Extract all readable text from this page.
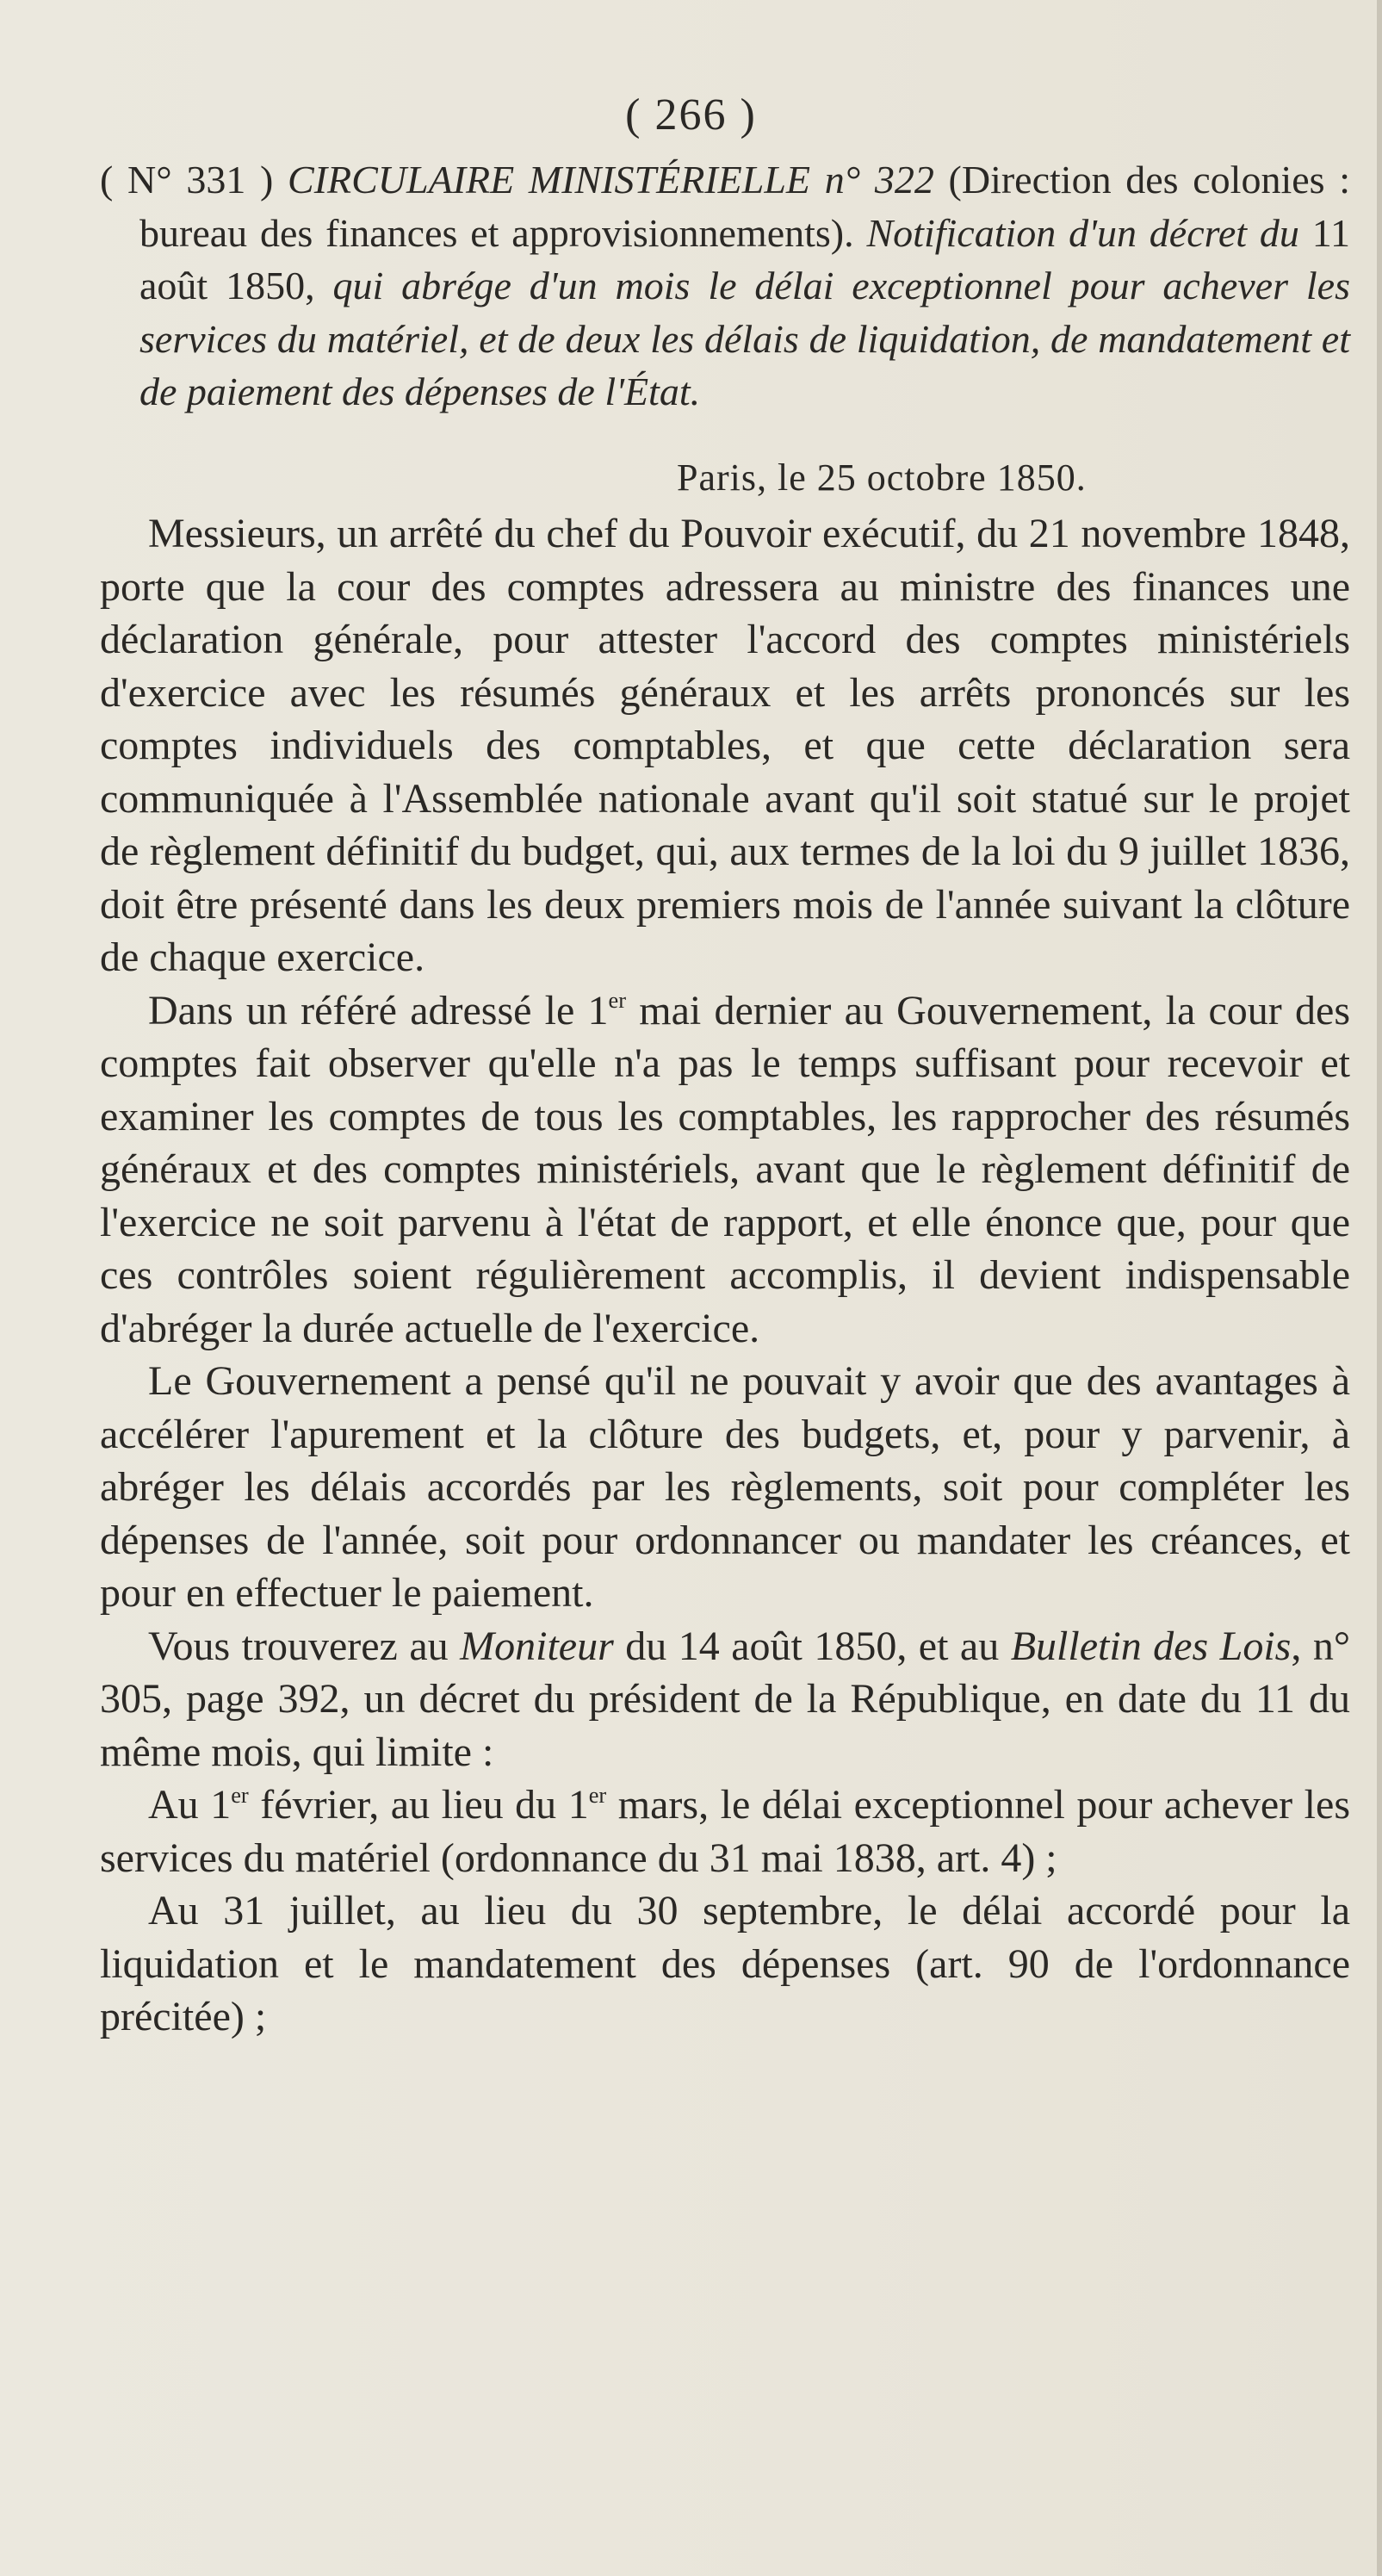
( 266 )

( N° 331 ) CIRCULAIRE MINISTÉRIELLE n° 322 (Direction des colonies : bureau des finances et approvisionnements). Notification d'un décret du 11 août 1850, qui abrége d'un mois le délai exceptionnel pour achever les services du matériel, et de deux les délais de liquidation, de mandatement et de paiement des dépenses de l'État.

Paris, le 25 octobre 1850.

Messieurs, un arrêté du chef du Pouvoir exécutif, du 21 novembre 1848, porte que la cour des comptes adressera au ministre des finances une déclaration générale, pour attester l'accord des comptes ministériels d'exercice avec les résumés généraux et les arrêts prononcés sur les comptes individuels des comptables, et que cette déclaration sera communiquée à l'Assemblée nationale avant qu'il soit statué sur le projet de règlement définitif du budget, qui, aux termes de la loi du 9 juillet 1836, doit être présenté dans les deux premiers mois de l'année suivant la clôture de chaque exercice.

Dans un référé adressé le 1er mai dernier au Gouvernement, la cour des comptes fait observer qu'elle n'a pas le temps suffisant pour recevoir et examiner les comptes de tous les comptables, les rapprocher des résumés généraux et des comptes ministériels, avant que le règlement définitif de l'exercice ne soit parvenu à l'état de rapport, et elle énonce que, pour que ces contrôles soient régulièrement accomplis, il devient indispensable d'abréger la durée actuelle de l'exercice.

Le Gouvernement a pensé qu'il ne pouvait y avoir que des avantages à accélérer l'apurement et la clôture des budgets, et, pour y parvenir, à abréger les délais accordés par les règlements, soit pour compléter les dépenses de l'année, soit pour ordonnancer ou mandater les créances, et pour en effectuer le paiement.

Vous trouverez au Moniteur du 14 août 1850, et au Bulletin des Lois, n° 305, page 392, un décret du président de la République, en date du 11 du même mois, qui limite :

Au 1er février, au lieu du 1er mars, le délai exceptionnel pour achever les services du matériel (ordonnance du 31 mai 1838, art. 4) ;

Au 31 juillet, au lieu du 30 septembre, le délai accordé pour la liquidation et le mandatement des dépenses (art. 90 de l'ordonnance précitée) ;
